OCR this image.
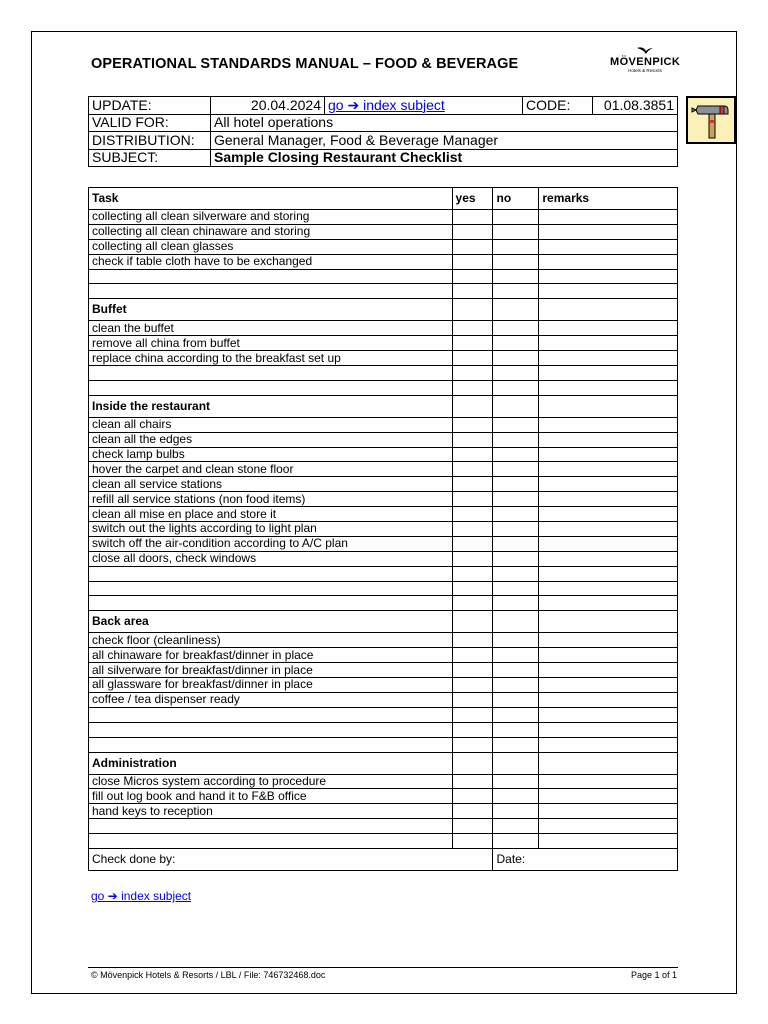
OPERATIONAL STANDARDS MANUAL – FOOD & BEVERAGE	MÖVENPICK
Hotels & Resorts
UPDATE:	20.04.2024	go ➔ index subject	CODE:	01.08.3851
VALID FOR:	All hotel operations			
DISTRIBUTION:	General Manager, Food & Beverage Manager			
SUBJECT:	Sample Closing Restaurant Checklist			
Task	yes	no	remarks
collecting all clean silverware and storing			
collecting all clean chinaware and storing			
collecting all clean glasses			
check if table cloth have to be exchanged			

Buffet			
clean the buffet			
remove all china from buffet			
replace china according to the breakfast set up			

Inside the restaurant			
clean all chairs			
clean all the edges			
check lamp bulbs			
hover the carpet and clean stone floor			
clean all service stations			
refill all service stations (non food items)			
clean all mise en place and store it			
switch out the lights according to light plan			
switch off the air-condition according to A/C plan			
close all doors, check windows			

Back area			
check floor (cleanliness)			
all chinaware for breakfast/dinner in place			
all silverware for breakfast/dinner in place			
all glassware for breakfast/dinner in place			
coffee / tea dispenser ready			

Administration			
close Micros system according to procedure			
fill out log book and hand it to F&B office			
hand keys to reception			

Check done by:		Date:	
go ➔ index subject
© Mövenpick Hotels & Resorts / LBL / File: 746732468.doc	Page 1 of 1
